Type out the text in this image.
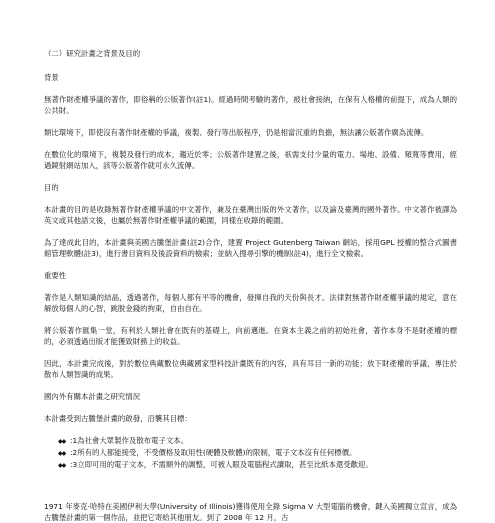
（二）研究計畫之背景及目的
背景

無著作財產權爭議的著作，即俗稱的公版著作(註1)。經過時間考驗的著作，被社會接納，在保有人格權的前提下，成為人類的公共財。

類比環境下，即使沒有著作財產權的爭議，複製、發行等出版程序，仍是相當沉重的負擔，無法讓公版著作廣為流傳。

在數位化的環境下，複製及發行的成本，趨近於零；公版著作建置之後，祇需支付少量的電力、場地、設備、頻寬等費用，經過鏡射網站加入，該等公版著作就可永久流傳。

目的

本計畫的目的是收錄無著作財產權爭議的中文著作，兼及在臺灣出版的外文著作，以及論及臺灣的國外著作。中文著作被譯為英文或其他語文後，也屬於無著作財產權爭議的範圍，同樣在收錄的範圍。

為了達成此目的，本計畫與美國古騰堡計畫(註2)合作，建置 Project Gutenberg Taiwan 網站，採用GPL 授權的整合式圖書館管理軟體(註3)，進行書目資料及後設資料的檢索；並納入搜尋引擎的機制(註4)，進行全文檢索。

重要性

著作是人類知識的結晶，透過著作，每個人都有平等的機會，發揮自我的天份與長才。法律對無著作財產權爭議的規定，意在解放每個人的心智，跳脫金錢的拘束，自由自在。

將公版著作匯集一堂，有利於人類社會在既有的基礎上，向前邁進。在資本主義之前的初始社會，著作本身不是財產權的標的，必須透過出版才能獲致財務上的收益。

因此，本計畫完成後，對於數位典藏數位典藏國家型科技計畫既有的內容，具有耳目一新的功能；放下財產權的爭議，專注於散布人類智識的成果。

國內外有關本計畫之研究情況

本計畫受到古騰堡計畫的啟發，沿襲其目標：

◆◆ :1為社會大眾製作及散布電子文本。
◆◆ :2所有的人都能接受，不受價格及取用性(硬體及軟體)的限制，電子文本沒有任何標價。
◆◆ :3立即可用的電子文本，不需額外的調整，可被人眼及電腦程式讀取，甚至比紙本還受歡迎。

1971 年麥克·哈特在美國伊利大學(University of Illinois)獲得使用全錄 Sigma V 大型電腦的機會，鍵入美國獨立宣言，成為古騰堡計畫的第一個作品，並把它寄給其他朋友。到了 2008 年 12 月，古
